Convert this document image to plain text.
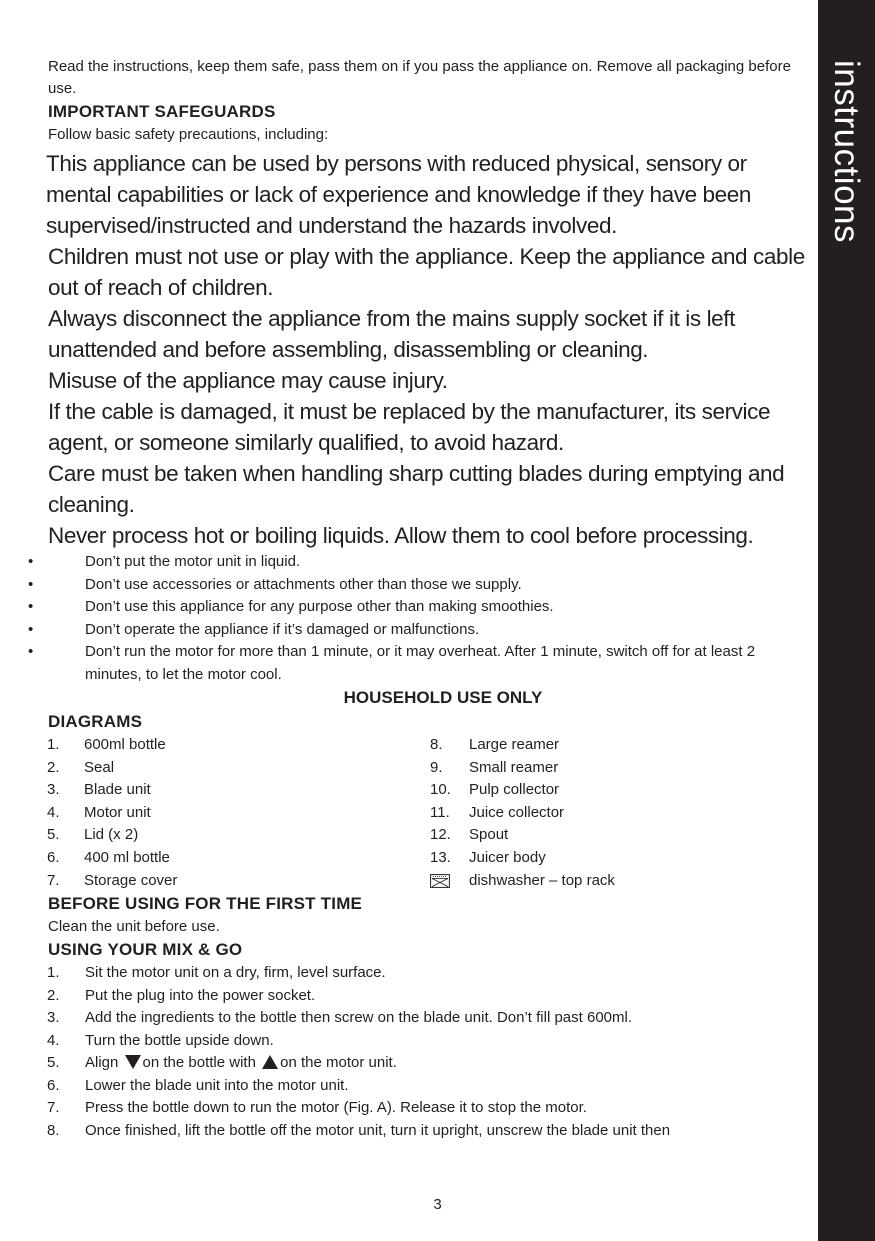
instructions
Read the instructions, keep them safe, pass them on if you pass the appliance on. Remove all packaging before use.
IMPORTANT SAFEGUARDS
Follow basic safety precautions, including:
This appliance can be used by persons with reduced physical, sensory or mental capabilities or lack of experience and knowledge if they have been supervised/instructed and understand the hazards involved.
Children must not use or play with the appliance. Keep the appliance and cable out of reach of children.
Always disconnect the appliance from the mains supply socket if it is left unattended and before assembling, disassembling or cleaning.
Misuse of the appliance may cause injury.
If the cable is damaged, it must be replaced by the manufacturer, its service agent, or someone similarly qualified, to avoid hazard.
Care must be taken when handling sharp cutting blades during emptying and cleaning.
Never process hot or boiling liquids. Allow them to cool before processing.
•	Don’t put the motor unit in liquid.
•	Don’t use accessories or attachments other than those we supply.
•	Don’t use this appliance for any purpose other than making smoothies.
•	Don’t operate the appliance if it’s damaged or malfunctions.
•	Don’t run the motor for more than 1 minute, or it may overheat. After 1 minute, switch off for at least 2 minutes, to let the motor cool.
HOUSEHOLD USE ONLY
DIAGRAMS
1. 600ml bottle
2. Seal
3. Blade unit
4. Motor unit
5. Lid (x 2)
6. 400 ml bottle
7. Storage cover
8. Large reamer
9. Small reamer
10. Pulp collector
11. Juice collector
12. Spout
13. Juicer body
dishwasher – top rack
BEFORE USING FOR THE FIRST TIME
Clean the unit before use.
USING YOUR MIX & GO
1. Sit the motor unit on a dry, firm, level surface.
2. Put the plug into the power socket.
3. Add the ingredients to the bottle then screw on the blade unit. Don’t fill past 600ml.
4. Turn the bottle upside down.
5. Align on the bottle with on the motor unit.
6. Lower the blade unit into the motor unit.
7. Press the bottle down to run the motor (Fig. A). Release it to stop the motor.
8. Once finished, lift the bottle off the motor unit, turn it upright, unscrew the blade unit then
3
